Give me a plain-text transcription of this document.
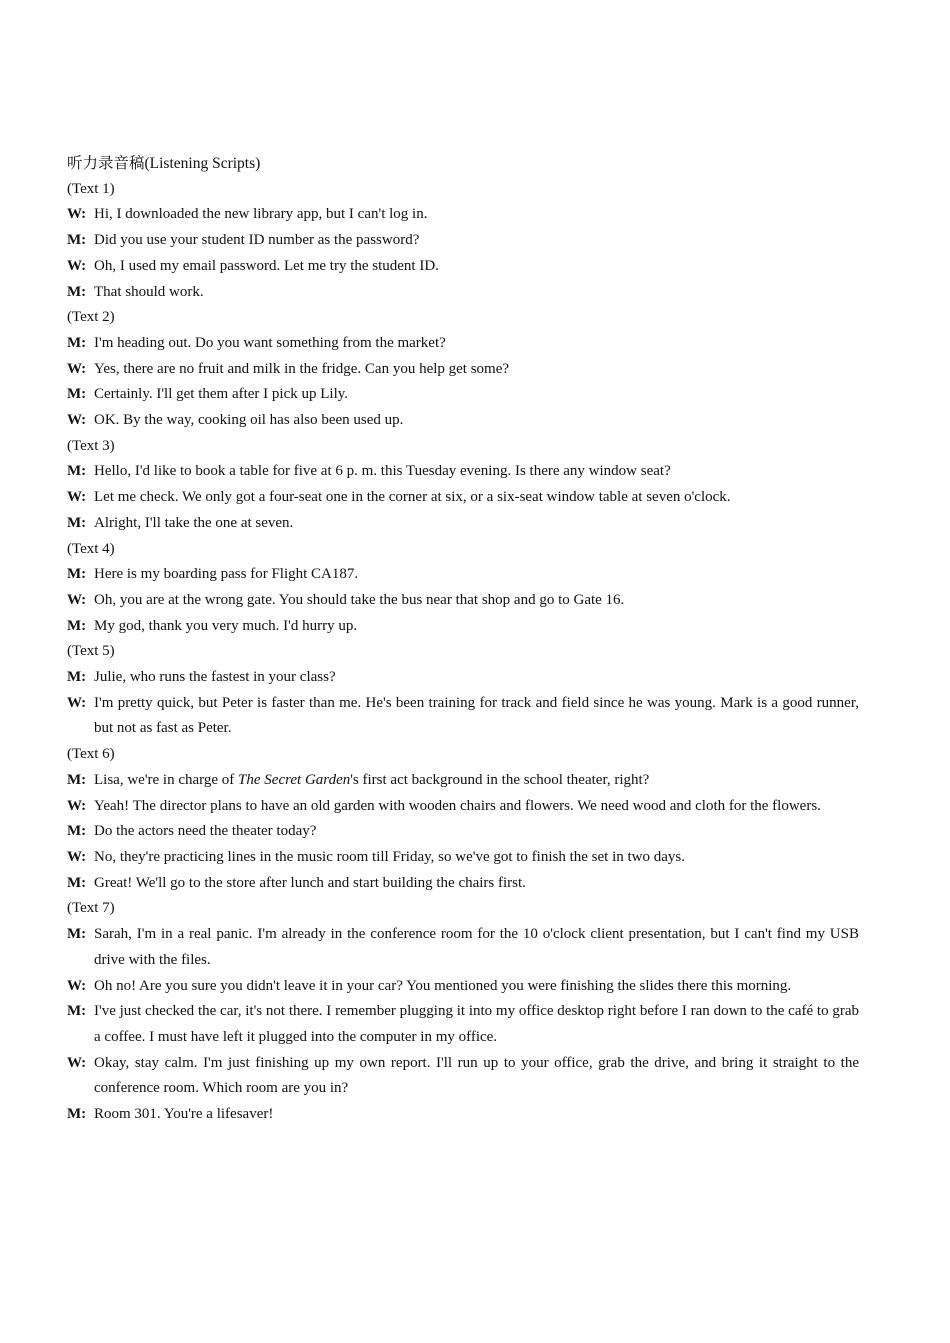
听力录音稿(Listening Scripts)
(Text 1)
W: Hi, I downloaded the new library app, but I can't log in.
M: Did you use your student ID number as the password?
W: Oh, I used my email password. Let me try the student ID.
M: That should work.
(Text 2)
M: I'm heading out. Do you want something from the market?
W: Yes, there are no fruit and milk in the fridge. Can you help get some?
M: Certainly. I'll get them after I pick up Lily.
W: OK. By the way, cooking oil has also been used up.
(Text 3)
M: Hello, I'd like to book a table for five at 6 p. m. this Tuesday evening. Is there any window seat?
W: Let me check. We only got a four-seat one in the corner at six, or a six-seat window table at seven o'clock.
M: Alright, I'll take the one at seven.
(Text 4)
M: Here is my boarding pass for Flight CA187.
W: Oh, you are at the wrong gate. You should take the bus near that shop and go to Gate 16.
M: My god, thank you very much. I'd hurry up.
(Text 5)
M: Julie, who runs the fastest in your class?
W: I'm pretty quick, but Peter is faster than me. He's been training for track and field since he was young. Mark is a good runner, but not as fast as Peter.
(Text 6)
M: Lisa, we're in charge of The Secret Garden's first act background in the school theater, right?
W: Yeah! The director plans to have an old garden with wooden chairs and flowers. We need wood and cloth for the flowers.
M: Do the actors need the theater today?
W: No, they're practicing lines in the music room till Friday, so we've got to finish the set in two days.
M: Great! We'll go to the store after lunch and start building the chairs first.
(Text 7)
M: Sarah, I'm in a real panic. I'm already in the conference room for the 10 o'clock client presentation, but I can't find my USB drive with the files.
W: Oh no! Are you sure you didn't leave it in your car? You mentioned you were finishing the slides there this morning.
M: I've just checked the car, it's not there. I remember plugging it into my office desktop right before I ran down to the café to grab a coffee. I must have left it plugged into the computer in my office.
W: Okay, stay calm. I'm just finishing up my own report. I'll run up to your office, grab the drive, and bring it straight to the conference room. Which room are you in?
M: Room 301. You're a lifesaver!
